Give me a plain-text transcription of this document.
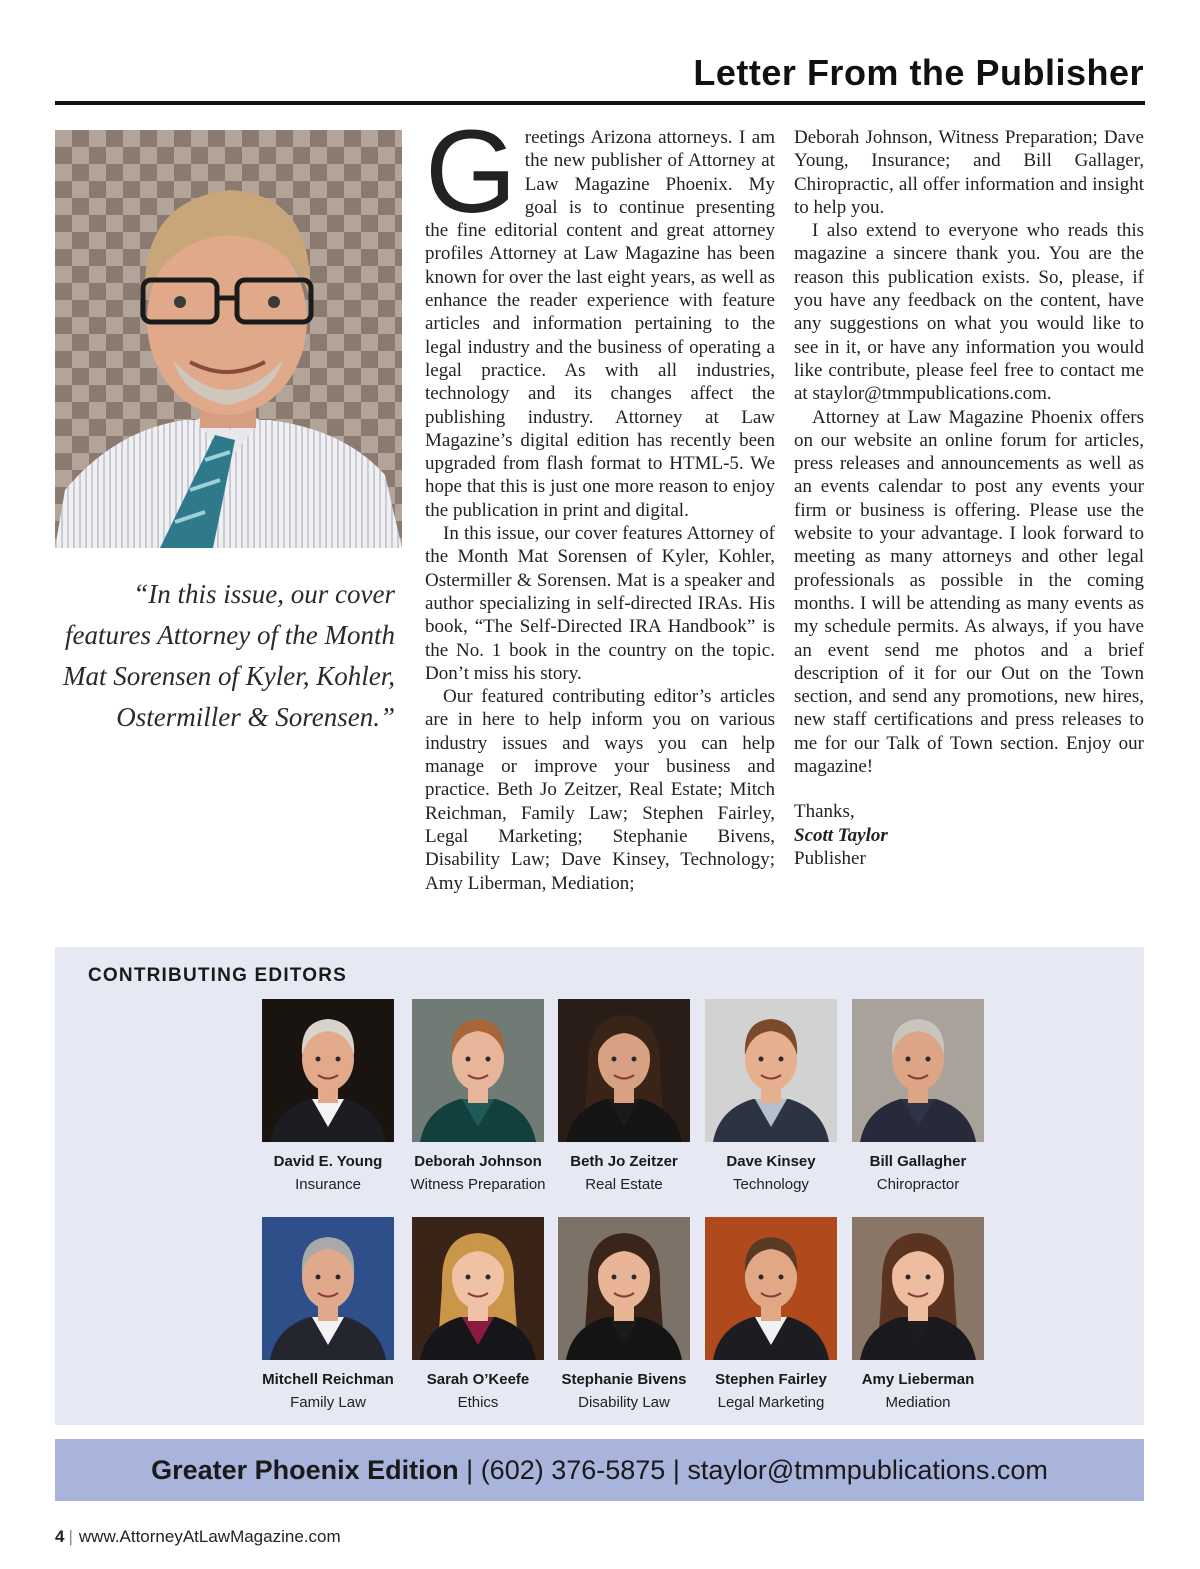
Letter From the Publisher
“In this issue, our cover features Attorney of the Month Mat Sorensen of Kyler, Kohler, Ostermiller & Sorensen.”

Greetings Arizona attorneys. I am the new publisher of Attorney at Law Magazine Phoenix. My goal is to continue presenting the fine editorial content and great attorney profiles Attorney at Law Magazine has been known for over the last eight years, as well as enhance the reader experience with feature articles and information pertaining to the legal industry and the business of operating a legal practice. As with all industries, technology and its changes affect the publishing industry. Attorney at Law Magazine’s digital edition has recently been upgraded from flash format to HTML-5. We hope that this is just one more reason to enjoy the publication in print and digital.

In this issue, our cover features Attorney of the Month Mat Sorensen of Kyler, Kohler, Ostermiller & Sorensen. Mat is a speaker and author specializing in self-directed IRAs. His book, “The Self-Directed IRA Handbook” is the No. 1 book in the country on the topic. Don’t miss his story.

Our featured contributing editor’s articles are in here to help inform you on various industry issues and ways you can help manage or improve your business and practice. Beth Jo Zeitzer, Real Estate; Mitch Reichman, Family Law; Stephen Fairley, Legal Marketing; Stephanie Bivens, Disability Law; Dave Kinsey, Technology; Amy Liberman, Mediation;

Deborah Johnson, Witness Preparation; Dave Young, Insurance; and Bill Gallager, Chiropractic, all offer information and insight to help you.

I also extend to everyone who reads this magazine a sincere thank you. You are the reason this publication exists. So, please, if you have any feedback on the content, have any suggestions on what you would like to see in it, or have any information you would like contribute, please feel free to contact me at staylor@tmmpublications.com.

Attorney at Law Magazine Phoenix offers on our website an online forum for articles, press releases and announcements as well as an events calendar to post any events your firm or business is offering. Please use the website to your advantage. I look forward to meeting as many attorneys and other legal professionals as possible in the coming months. I will be attending as many events as my schedule permits. As always, if you have an event send me photos and a brief description of it for our Out on the Town section, and send any promotions, new hires, new staff certifications and press releases to me for our Talk of Town section. Enjoy our magazine!

Thanks,

Scott Taylor

Publisher

CONTRIBUTING EDITORS
David E. Young
Insurance
Deborah Johnson
Witness Preparation
Beth Jo Zeitzer
Real Estate
Dave Kinsey
Technology
Bill Gallagher
Chiropractor
Mitchell Reichman
Family Law
Sarah O’Keefe
Ethics
Stephanie Bivens
Disability Law
Stephen Fairley
Legal Marketing
Amy Lieberman
Mediation
Greater Phoenix Edition | (602) 376-5875 | staylor@tmmpublications.com
4 | www.AttorneyAtLawMagazine.com
